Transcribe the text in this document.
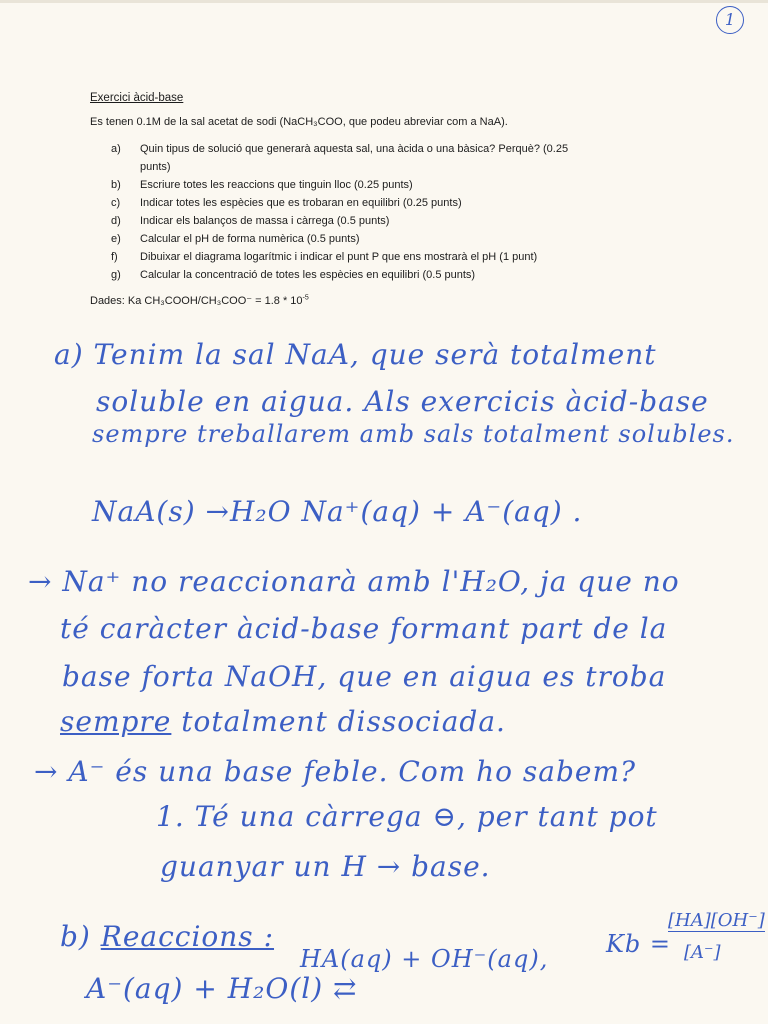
1
Exercici àcid-base
Es tenen 0.1M de la sal acetat de sodi (NaCH₃COO, que podeu abreviar com a NaA).
a) Quin tipus de solució que generarà aquesta sal, una àcida o una bàsica? Perquè? (0.25
punts)
b) Escriure totes les reaccions que tinguin lloc (0.25 punts)
c) Indicar totes les espècies que es trobaran en equilibri (0.25 punts)
d) Indicar els balanços de massa i càrrega (0.5 punts)
e) Calcular el pH de forma numèrica (0.5 punts)
f) Dibuixar el diagrama logarítmic i indicar el punt P que ens mostrarà el pH (1 punt)
g) Calcular la concentració de totes les espècies en equilibri (0.5 punts)
Dades: Ka CH₃COOH/CH₃COO⁻ = $1.8 * 10^{-5}$
a) Tenim la sal NaA, que serà totalment
soluble en aigua. Als exercicis àcid-base
sempre treballarem amb sals totalment solubles.
NaA(s) →H₂O Na⁺(aq) + A⁻(aq) .
→ Na⁺ no reaccionarà amb l'H₂O, ja que no
té caràcter àcid-base formant part de la
base forta NaOH, que en aigua es troba
sempre totalment dissociada.
→ A⁻ és una base feble. Com ho sabem?
1. Té una càrrega ⊖, per tant pot
guanyar un H → base.
b) Reaccions :
HA(aq) + OH⁻(aq),
Kb =
[HA][OH⁻]
[A⁻]
A⁻(aq) + H₂O(l) ⇄
